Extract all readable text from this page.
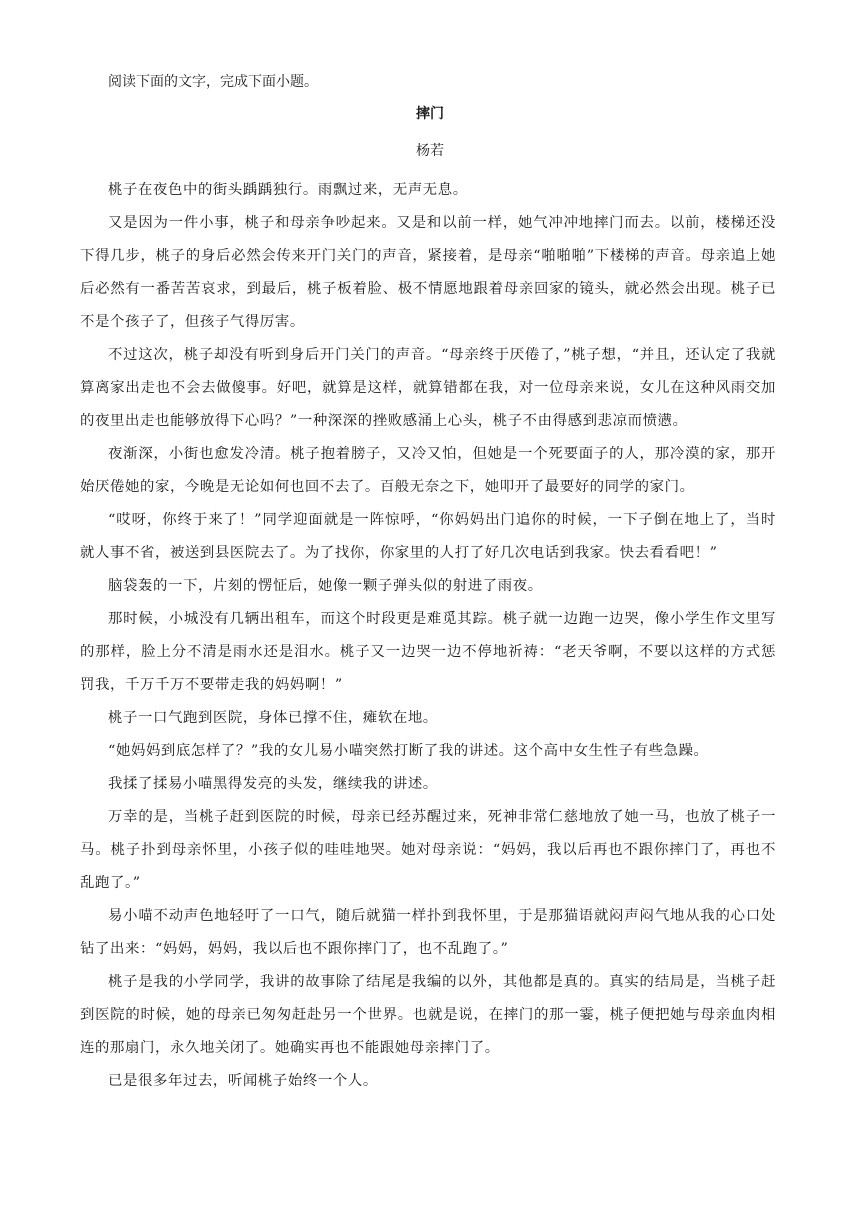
阅读下面的文字，完成下面小题。
摔门
杨若

桃子在夜色中的街头踽踽独行。雨飘过来，无声无息。

又是因为一件小事，桃子和母亲争吵起来。又是和以前一样，她气冲冲地摔门而去。以前，楼梯还没下得几步，桃子的身后必然会传来开门关门的声音，紧接着，是母亲“啪啪啪”下楼梯的声音。母亲追上她后必然有一番苦苦哀求，到最后，桃子板着脸、极不情愿地跟着母亲回家的镜头，就必然会出现。桃子已不是个孩子了，但孩子气得厉害。

不过这次，桃子却没有听到身后开门关门的声音。“母亲终于厌倦了，”桃子想，“并且，还认定了我就算离家出走也不会去做傻事。好吧，就算是这样，就算错都在我，对一位母亲来说，女儿在这种风雨交加的夜里出走也能够放得下心吗？”一种深深的挫败感涌上心头，桃子不由得感到悲凉而愤懑。

夜渐深，小街也愈发冷清。桃子抱着膀子，又冷又怕，但她是一个死要面子的人，那冷漠的家，那开始厌倦她的家，今晚是无论如何也回不去了。百般无奈之下，她叩开了最要好的同学的家门。

“哎呀，你终于来了！”同学迎面就是一阵惊呼，“你妈妈出门追你的时候，一下子倒在地上了，当时就人事不省，被送到县医院去了。为了找你，你家里的人打了好几次电话到我家。快去看看吧！”

脑袋轰的一下，片刻的愣怔后，她像一颗子弹头似的射进了雨夜。

那时候，小城没有几辆出租车，而这个时段更是难觅其踪。桃子就一边跑一边哭，像小学生作文里写的那样，脸上分不清是雨水还是泪水。桃子又一边哭一边不停地祈祷：“老天爷啊，不要以这样的方式惩罚我，千万千万不要带走我的妈妈啊！”

桃子一口气跑到医院，身体已撑不住，瘫软在地。

“她妈妈到底怎样了？”我的女儿易小喵突然打断了我的讲述。这个高中女生性子有些急躁。

我揉了揉易小喵黑得发亮的头发，继续我的讲述。

万幸的是，当桃子赶到医院的时候，母亲已经苏醒过来，死神非常仁慈地放了她一马，也放了桃子一马。桃子扑到母亲怀里，小孩子似的哇哇地哭。她对母亲说：“妈妈，我以后再也不跟你摔门了，再也不乱跑了。”

易小喵不动声色地轻吁了一口气，随后就猫一样扑到我怀里，于是那猫语就闷声闷气地从我的心口处钻了出来：“妈妈，妈妈，我以后也不跟你摔门了，也不乱跑了。”

桃子是我的小学同学，我讲的故事除了结尾是我编的以外，其他都是真的。真实的结局是，当桃子赶到医院的时候，她的母亲已匆匆赶赴另一个世界。也就是说，在摔门的那一霎，桃子便把她与母亲血肉相连的那扇门，永久地关闭了。她确实再也不能跟她母亲摔门了。

已是很多年过去，听闻桃子始终一个人。
